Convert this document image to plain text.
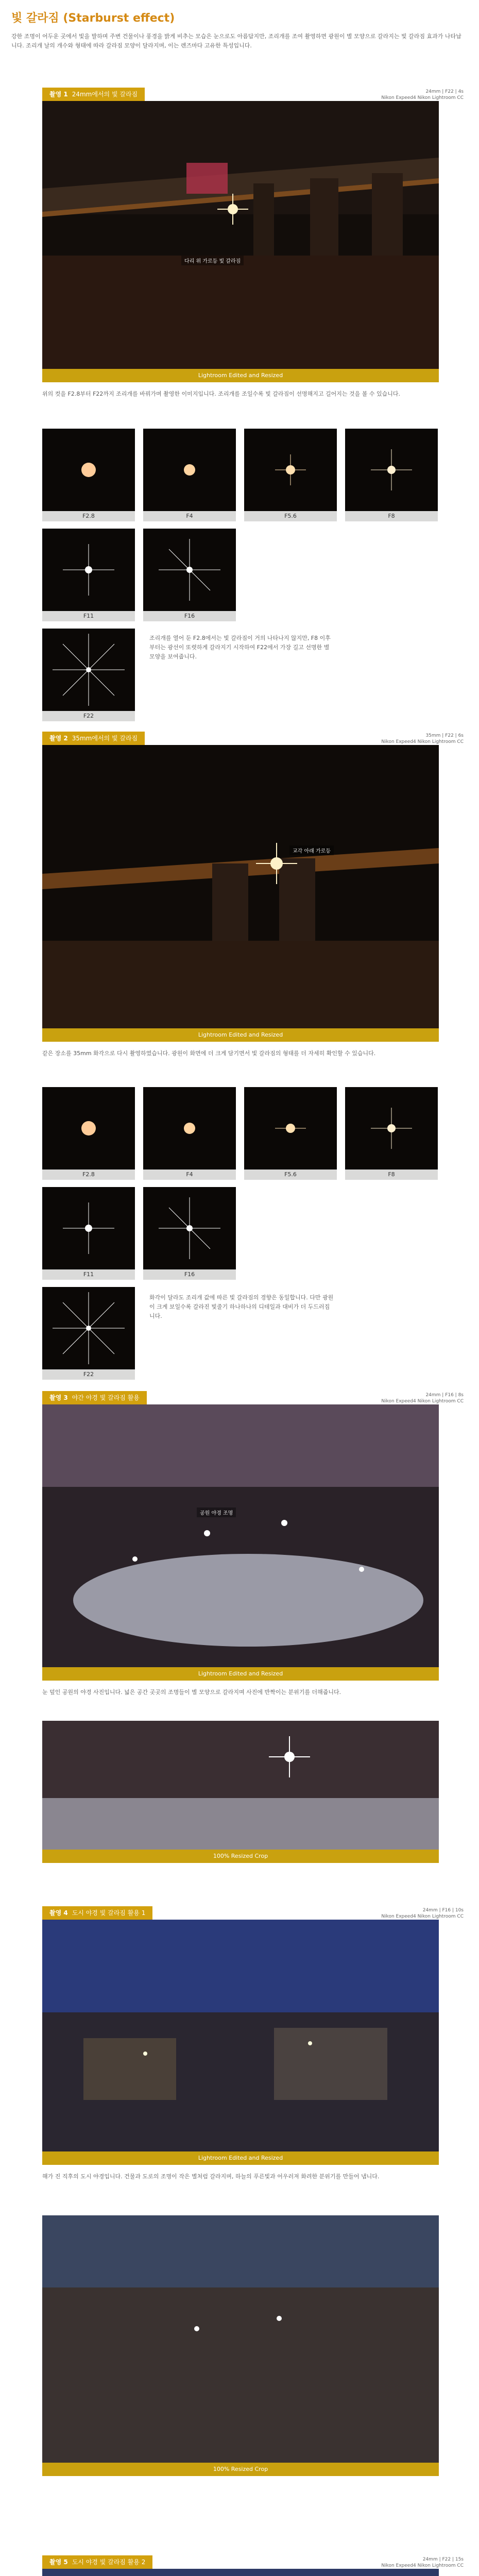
빛 갈라짐 (Starburst effect)
강한 조명이 어두운 곳에서 빛을 발하며 주변 건물이나 풍경을 밝게 비추는 모습은 눈으로도 아름답지만, 조리개를 조여 촬영하면 광원이 별 모양으로 갈라지는 빛 갈라짐 효과가 나타납니다. 조리개 날의 개수와 형태에 따라 갈라짐 모양이 달라지며, 이는 렌즈마다 고유한 특성입니다.
촬영 1 24mm에서의 빛 갈라짐	24mm | F22 | 4s
Nikon Expeed4 Nikon Lightroom CC
다리 위 가로등 빛 갈라짐
Lightroom Edited and Resized
위의 컷을 F2.8부터 F22까지 조리개를 바꿔가며 촬영한 이미지입니다. 조리개를 조일수록 빛 갈라짐이 선명해지고 길어지는 것을 볼 수 있습니다.
F2.8	F4	F5.6	F8
F11	F16
F22
조리개를 열어 둔 F2.8에서는 빛 갈라짐이 거의 나타나지 않지만, F8 이후부터는 광선이 또렷하게 갈라지기 시작하여 F22에서 가장 길고 선명한 별 모양을 보여줍니다.
촬영 2 35mm에서의 빛 갈라짐	35mm | F22 | 6s
Nikon Expeed4 Nikon Lightroom CC
교각 아래 가로등
Lightroom Edited and Resized
같은 장소를 35mm 화각으로 다시 촬영하였습니다. 광원이 화면에 더 크게 담기면서 빛 갈라짐의 형태를 더 자세히 확인할 수 있습니다.
F2.8	F4	F5.6	F8
F11	F16
F22
화각이 달라도 조리개 값에 따른 빛 갈라짐의 경향은 동일합니다. 다만 광원이 크게 보일수록 갈라진 빛줄기 하나하나의 디테일과 대비가 더 두드러집니다.
촬영 3 야간 야경 빛 갈라짐 활용	24mm | F16 | 8s
Nikon Expeed4 Nikon Lightroom CC
공원 야경 조명
Lightroom Edited and Resized
눈 덮인 공원의 야경 사진입니다. 넓은 공간 곳곳의 조명들이 별 모양으로 갈라지며 사진에 반짝이는 분위기를 더해줍니다.
100% Resized Crop
촬영 4 도시 야경 빛 갈라짐 활용 1	24mm | F16 | 10s
Nikon Expeed4 Nikon Lightroom CC
Lightroom Edited and Resized
해가 진 직후의 도시 야경입니다. 건물과 도로의 조명이 작은 별처럼 갈라지며, 하늘의 푸른빛과 어우러져 화려한 분위기를 만들어 냅니다.
100% Resized Crop
촬영 5 도시 야경 빛 갈라짐 활용 2	24mm | F22 | 15s
Nikon Expeed4 Nikon Lightroom CC
